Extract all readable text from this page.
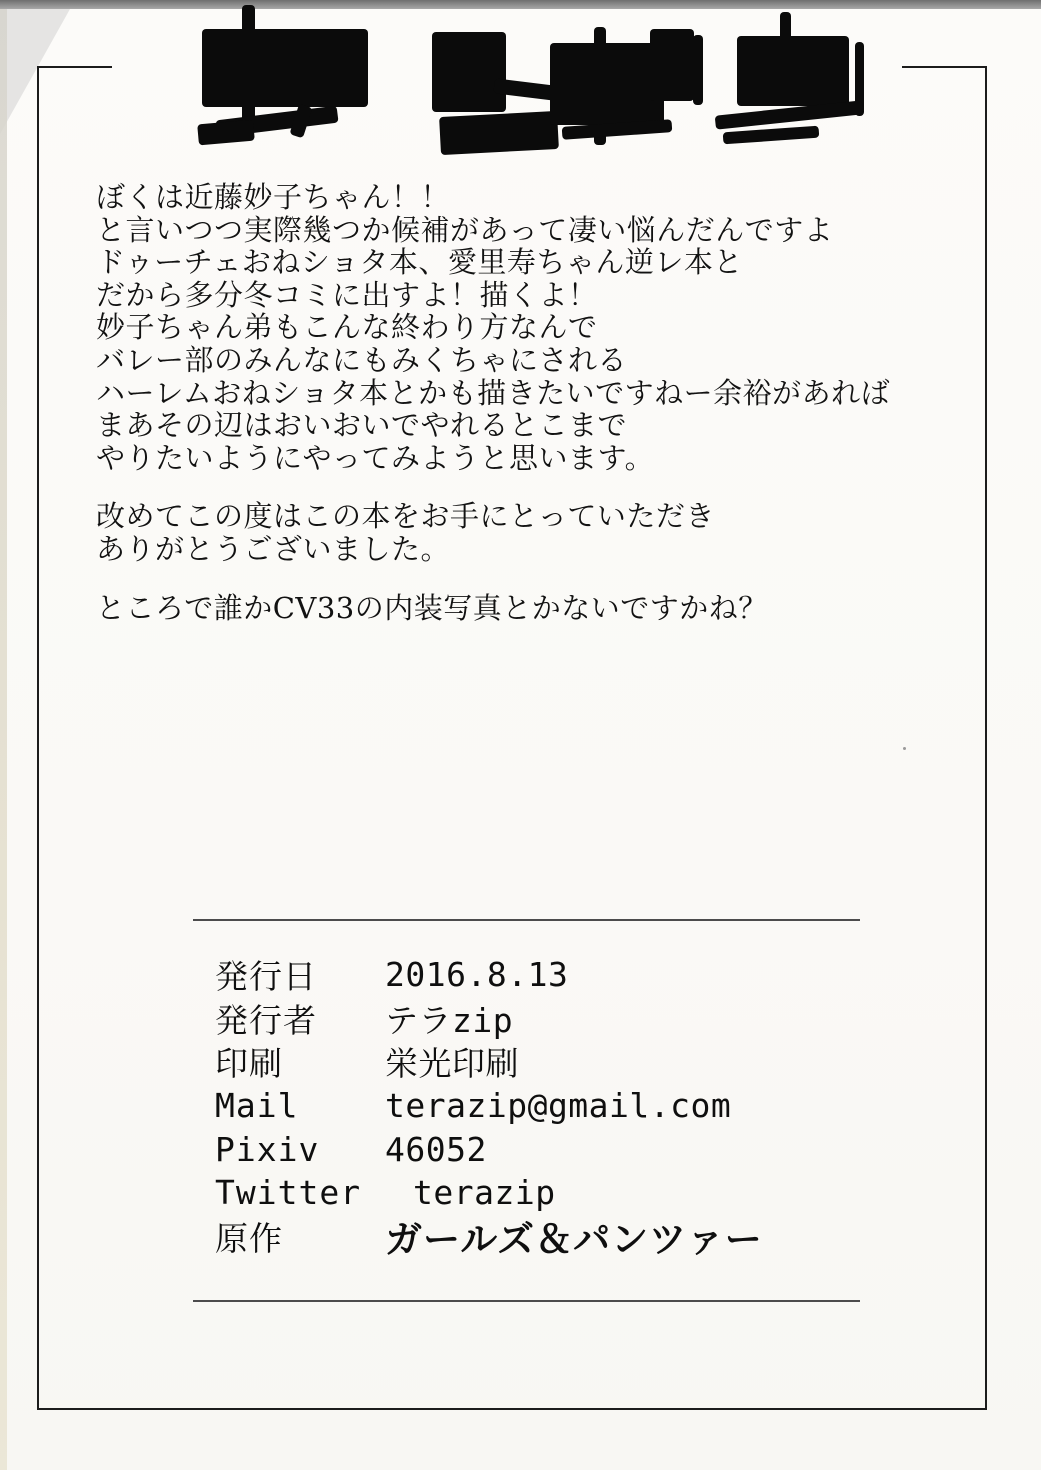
ぼくは近藤妙子ちゃん！！
と言いつつ実際幾つか候補があって凄い悩んだんですよ
ドゥーチェおねショタ本、愛里寿ちゃん逆レ本と
だから多分冬コミに出すよ！描くよ！
妙子ちゃん弟もこんな終わり方なんで
バレー部のみんなにもみくちゃにされる
ハーレムおねショタ本とかも描きたいですねー余裕があれば
まあその辺はおいおいでやれるとこまで
やりたいようにやってみようと思います。
改めてこの度はこの本をお手にとっていただき
ありがとうございました。
ところで誰かCV33の内装写真とかないですかね？
発行日	2016.8.13
発行者	テラzip
印刷	栄光印刷
Mail	terazip@gmail.com
Pixiv	46052
Twitter	terazip
原作	ガールズ＆パンツァー
